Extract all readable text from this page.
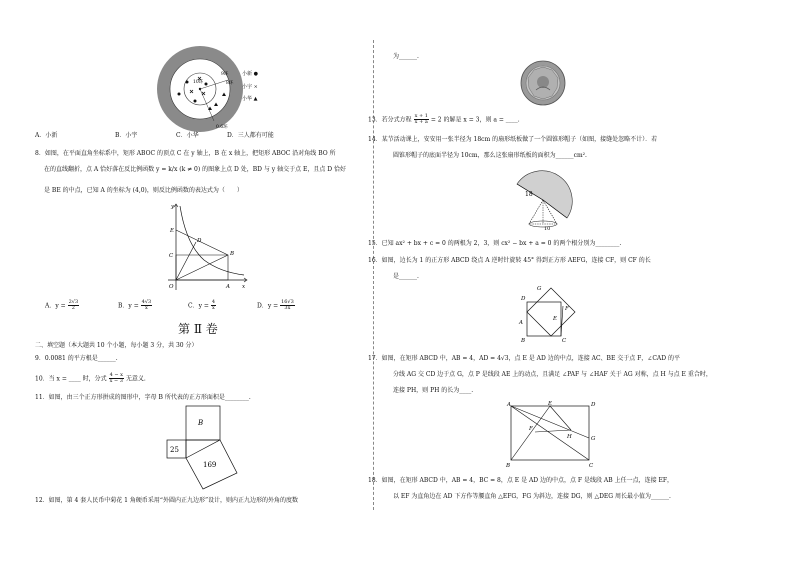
10环
9环
8环
0.6环
小新 ●
小宇 ×
小华 ▲
A．小新	B．小宇	C．小华	D．三人都有可能
8．如图，在平面直角坐标系中，矩形 ABOC 的顶点 C 在 y 轴上，B 在 x 轴上，把矩形 ABOC 沿对角线 BO 所
在的直线翻折，点 A 恰好落在反比例函数 y = k/x (k ≠ 0) 的图象上点 D 处，BD 与 y 轴交于点 E，且点 D 恰好
是 BE 的中点，已知 A 的坐标为 (4,0)，则反比例函数的表达式为（　　）
y
E
D
C	B
O	A x
A．$y = \frac{2√3}{2}$	B．$y = \frac{4√3}{x}$	C．$y = \frac{4}{x}$	D．$y = \frac{16√3}{3x}$
第 Ⅱ 卷
二、填空题（本大题共 10 个小题，每小题 3 分，共 30 分）
9．0.0081 的平方根是______.
10．当 x = ____ 时，分式 $\frac{4 - x}{x - 3}$ 无意义.
11．如图，由三个正方形拼成的图形中，字母 B 所代表的正方形面积是________.
B
25
169
12．如图，第 4 套人民币中菊花 1 角硬币采用“外圆内正九边形”设计，则内正九边形的外角的度数
为______.
13．若分式方程 $\frac{x + 1}{x + a} = 2$ 的解是 x = 3，则 a = ____.
14．某节活动课上，安安用一张半径为 18cm 的扇形纸板做了一个圆锥形帽子（如图，接缝处忽略不计）．若
圆锥形帽子的底面半径为 10cm，那么这张扇形纸板的面积为______cm².
18
10
15．已知 ax² + bx + c = 0 的两根为 2，3，则 cx² − bx + a = 0 的两个根分别为________.
16．如图，边长为 1 的正方形 ABCD 绕点 A 逆时针旋转 45° 得到正方形 AEFG，连接 CF，则 CF 的长
是______.
G
F
D
E
A
B	C
17．如图，在矩形 ABCD 中，AB = 4，AD = 4√3，点 E 是 AD 边的中点，连接 AC、BE 交于点 F，∠CAD 的平
分线 AG 交 CD 边于点 G，点 P 是线段 AE 上的动点，且满足 ∠PAF 与 ∠HAF 关于 AG 对称，点 H 与点 E 重合时，
连接 PH，则 PH 的长为____.
A	E	D
F
H	G
B	C
18．如图，在矩形 ABCD 中，AB = 4，BC = 8，点 E 是 AD 边的中点，点 F 是线段 AB 上任一点，连接 EF，
以 EF 为直角边在 AD 下方作等腰直角 △EFG，FG 为斜边，连接 DG，则 △DEG 周长最小值为______.
